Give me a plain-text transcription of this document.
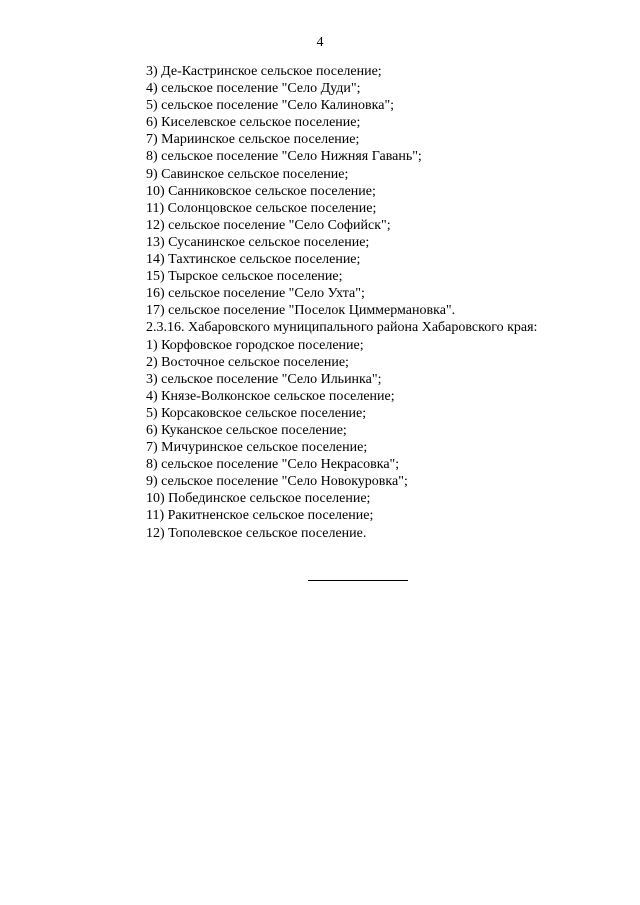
4
3) Де-Кастринское сельское поселение;
4) сельское поселение "Село Дуди";
5) сельское поселение "Село Калиновка";
6) Киселевское сельское поселение;
7) Мариинское сельское поселение;
8) сельское поселение "Село Нижняя Гавань";
9) Савинское сельское поселение;
10) Санниковское сельское поселение;
11) Солонцовское сельское поселение;
12) сельское поселение "Село Софийск";
13) Сусанинское сельское поселение;
14) Тахтинское сельское поселение;
15) Тырское сельское поселение;
16) сельское поселение "Село Ухта";
17) сельское поселение "Поселок Циммермановка".
2.3.16. Хабаровского муниципального района Хабаровского края:
1) Корфовское городское поселение;
2) Восточное сельское поселение;
3) сельское поселение "Село Ильинка";
4) Князе-Волконское сельское поселение;
5) Корсаковское сельское поселение;
6) Куканское сельское поселение;
7) Мичуринское сельское поселение;
8) сельское поселение "Село Некрасовка";
9) сельское поселение "Село Новокуровка";
10) Побединское сельское поселение;
11) Ракитненское сельское поселение;
12) Тополевское сельское поселение.
